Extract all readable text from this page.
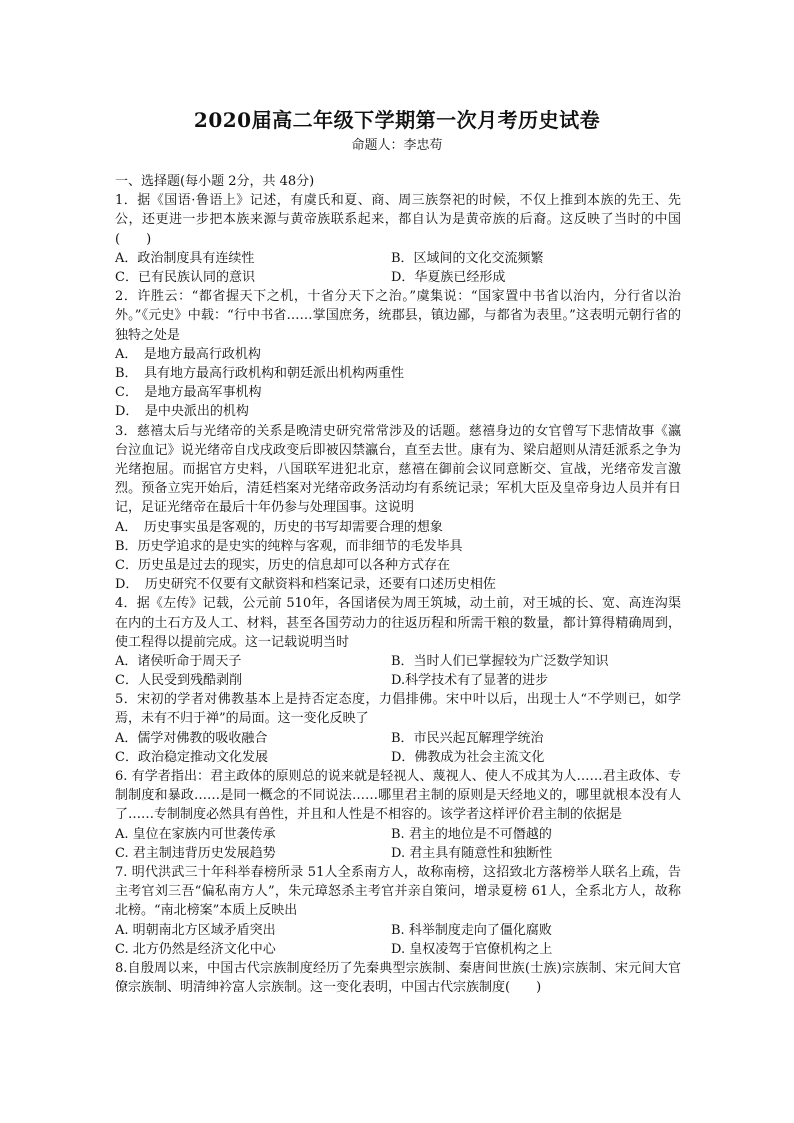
2020届高二年级下学期第一次月考历史试卷
命题人：李忠苟
一、选择题(每小题 2分，共 48分)
1．据《国语·鲁语上》记述，有虞氏和夏、商、周三族祭祀的时候，不仅上推到本族的先王、先公，还更进一步把本族来源与黄帝族联系起来，都自认为是黄帝族的后裔。这反映了当时的中国(　　)
A．政治制度具有连续性	B．区域间的文化交流频繁
C．已有民族认同的意识	D．华夏族已经形成
2．许胜云：“都省握天下之机，十省分天下之治。”虞集说：“国家置中书省以治内，分行省以治外。”《元史》中载：“行中书省……掌国庶务，统郡县，镇边鄙，与都省为表里。”这表明元朝行省的独特之处是
A．　是地方最高行政机构
B．　具有地方最高行政机构和朝廷派出机构两重性
C．　是地方最高军事机构
D．　是中央派出的机构
3．慈禧太后与光绪帝的关系是晚清史研究常常涉及的话题。慈禧身边的女官曾写下悲情故事《瀛台泣血记》说光绪帝自戊戌政变后即被囚禁瀛台，直至去世。康有为、梁启超则从清廷派系之争为光绪抱屈。而据官方史料，八国联军进犯北京，慈禧在御前会议同意断交、宣战，光绪帝发言激烈。预备立宪开始后，清廷档案对光绪帝政务活动均有系统记录；军机大臣及皇帝身边人员并有日记，足证光绪帝在最后十年仍参与处理国事。这说明
A．　历史事实虽是客观的，历史的书写却需要合理的想象
B．历史学追求的是史实的纯粹与客观，而非细节的毛发毕具
C．历史虽是过去的现实，历史的信息却可以各种方式存在
D．　历史研究不仅要有文献资料和档案记录，还要有口述历史相佐
4．据《左传》记载，公元前 510年，各国诸侯为周王筑城，动土前，对王城的长、宽、高连沟渠在内的土石方及人工、材料，甚至各国劳动力的往返历程和所需干粮的数量，都计算得精确周到，使工程得以提前完成。这一记载说明当时
A．诸侯听命于周天子	B．当时人们已掌握较为广泛数学知识
C．人民受到残酷剥削	D.科学技术有了显著的进步
5．宋初的学者对佛教基本上是持否定态度，力倡排佛。宋中叶以后，出现士人“不学则已，如学焉，未有不归于禅”的局面。这一变化反映了
A．儒学对佛教的吸收融合	B．市民兴起瓦解理学统治
C．政治稳定推动文化发展	D．佛教成为社会主流文化
6. 有学者指出：君主政体的原则总的说来就是轻视人、蔑视人、使人不成其为人……君主政体、专制制度和暴政……是同一概念的不同说法……哪里君主制的原则是天经地义的，哪里就根本没有人了……专制制度必然具有兽性，并且和人性是不相容的。该学者这样评价君主制的依据是
A. 皇位在家族内可世袭传承	B. 君主的地位是不可僭越的
C. 君主制违背历史发展趋势	D. 君主具有随意性和独断性
7. 明代洪武三十年科举春榜所录 51人全系南方人，故称南榜，这招致北方落榜举人联名上疏，告主考官刘三吾“偏私南方人”，朱元璋怒杀主考官并亲自策问，增录夏榜 61人，全系北方人，故称北榜。“南北榜案”本质上反映出
A. 明朝南北方区域矛盾突出	B. 科举制度走向了僵化腐败
C. 北方仍然是经济文化中心	D. 皇权凌驾于官僚机构之上
8.自殷周以来，中国古代宗族制度经历了先秦典型宗族制、秦唐间世族(士族)宗族制、宋元间大官僚宗族制、明清绅衿富人宗族制。这一变化表明，中国古代宗族制度(　　)
